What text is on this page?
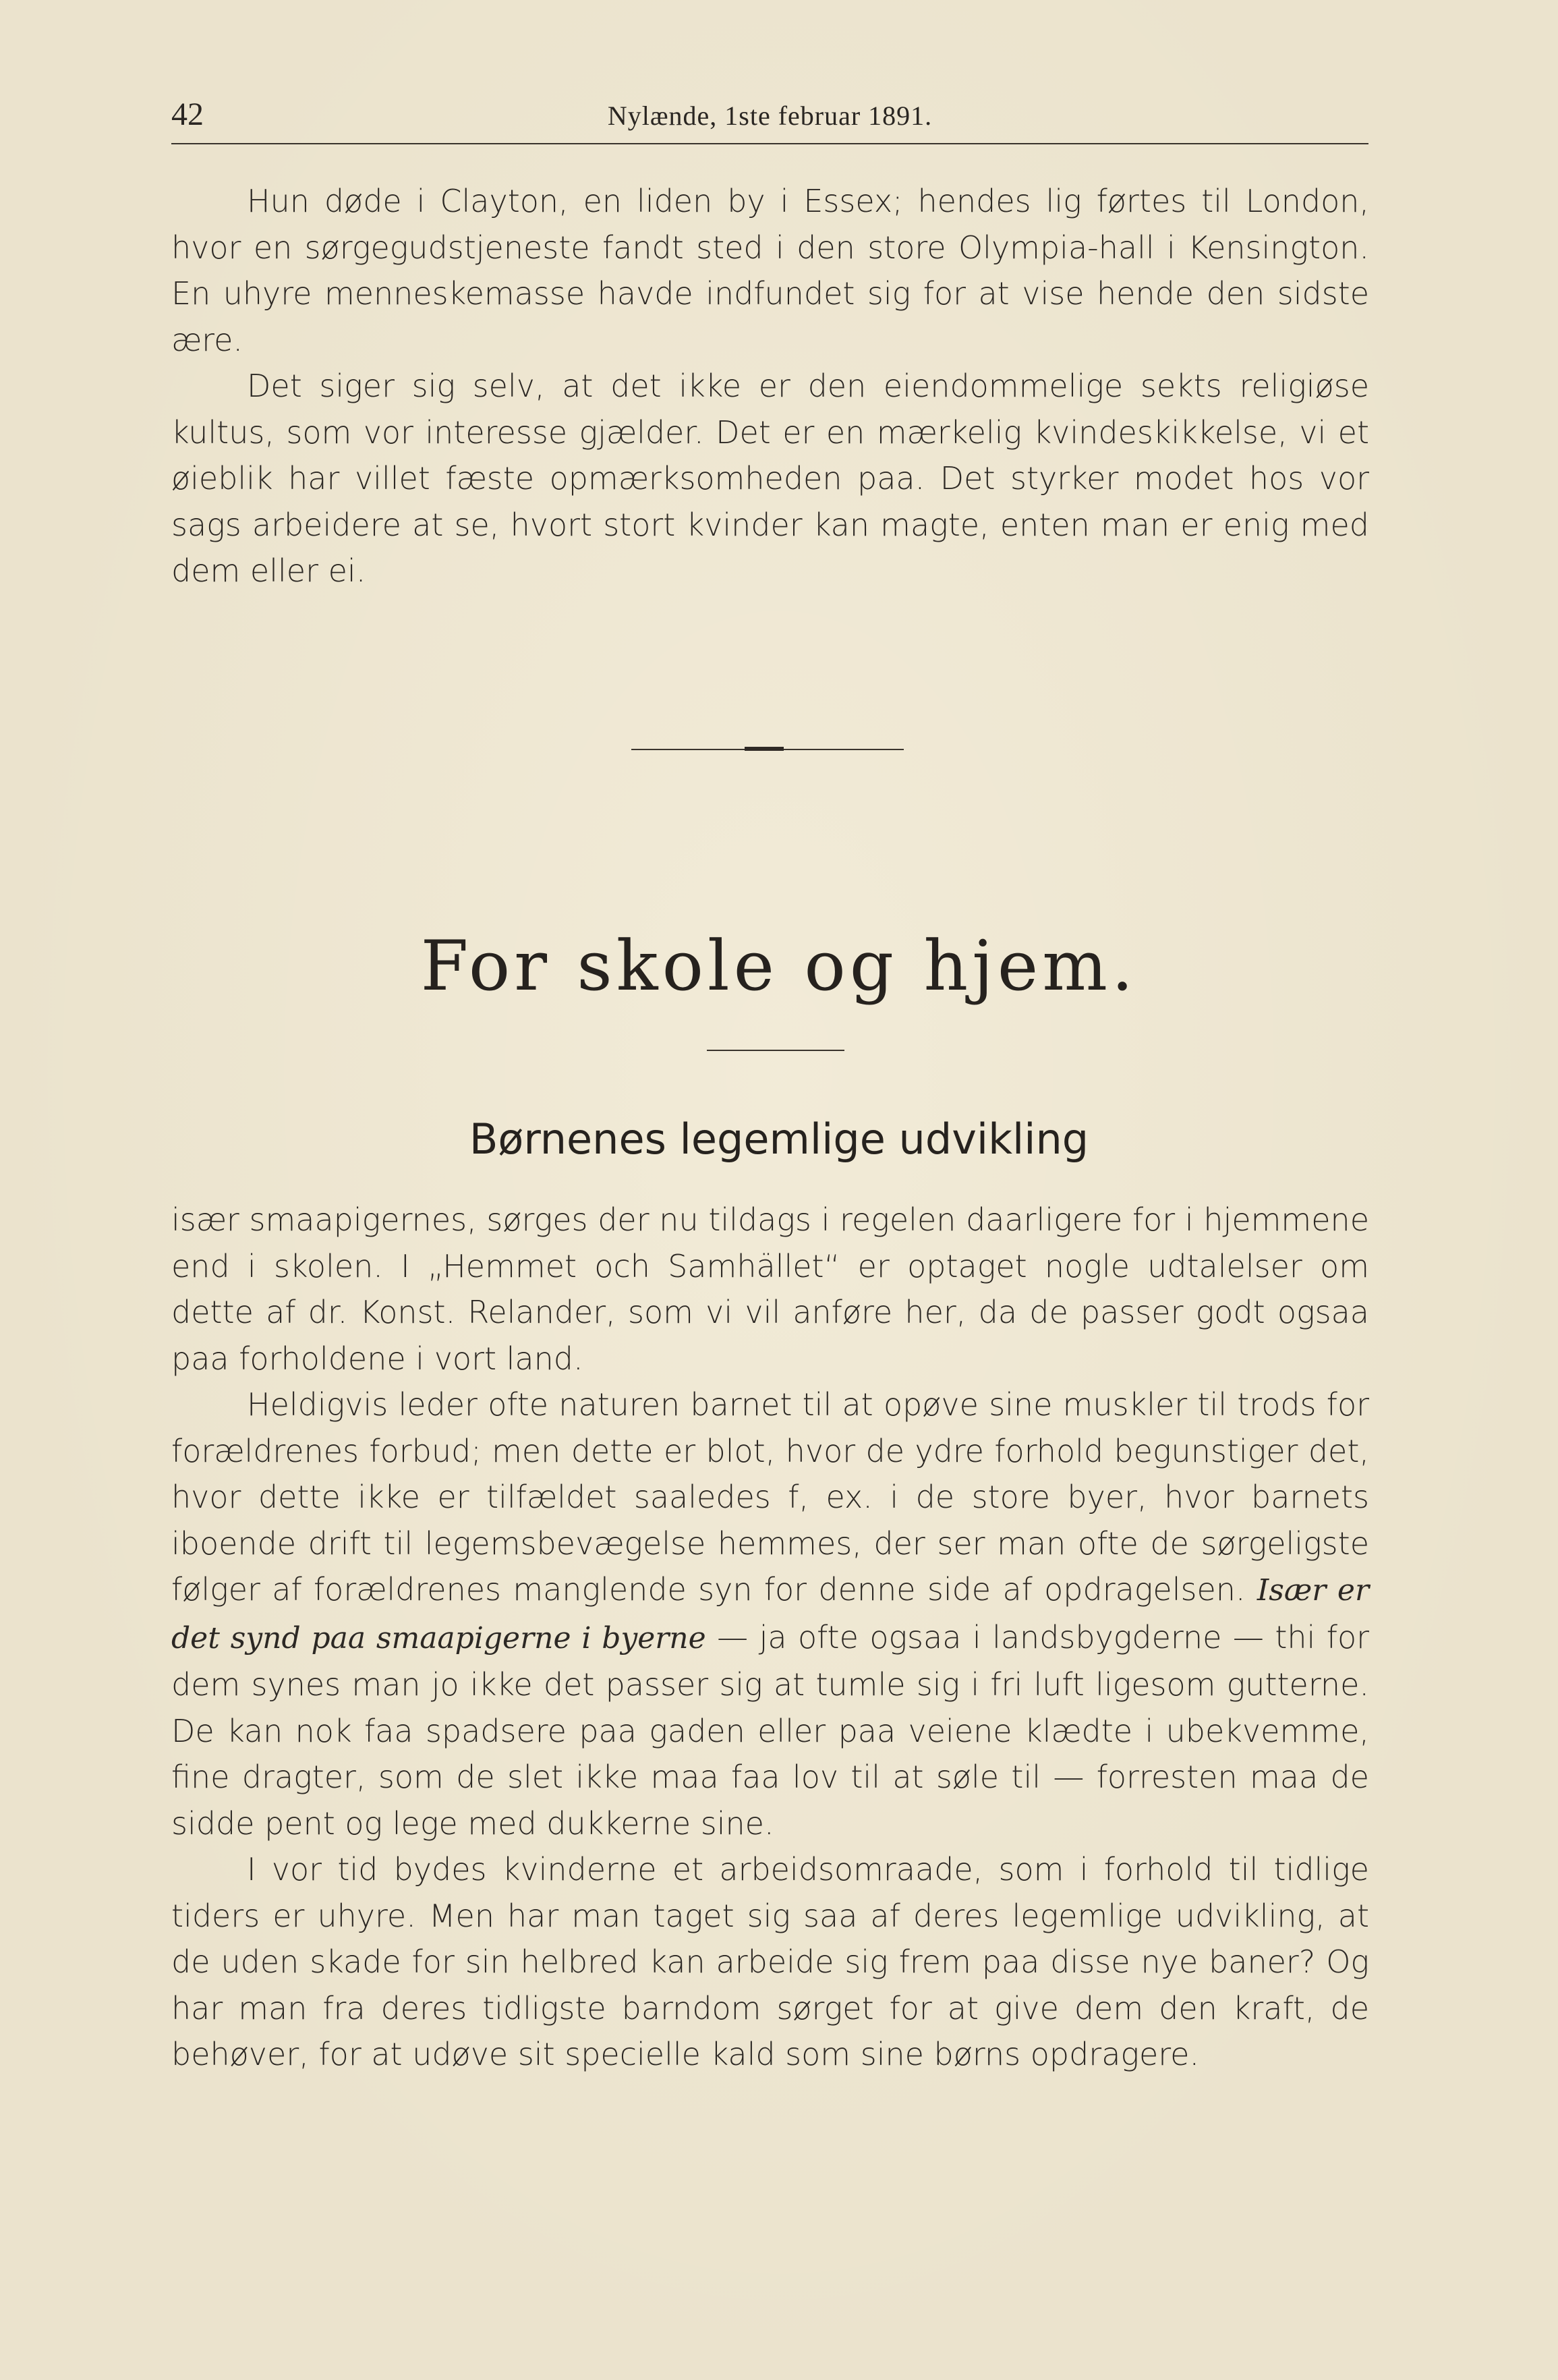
42	Nylænde, 1ste februar 1891.

Hun døde i Clayton, en liden by i Essex; hendes lig førtes til London, hvor en sørgegudstjeneste fandt sted i den store Olympia-hall i Kensington. En uhyre menneskemasse havde indfundet sig for at vise hende den sidste ære.

Det siger sig selv, at det ikke er den eiendommelige sekts religiøse kultus, som vor interesse gjælder. Det er en mærkelig kvindeskikkelse, vi et øieblik har villet fæste opmærksomheden paa. Det styrker modet hos vor sags arbeidere at se, hvort stort kvinder kan magte, enten man er enig med dem eller ei.

For skole og hjem.
Børnenes legemlige udvikling

især smaapigernes, sørges der nu tildags i regelen daarligere for i hjemmene end i skolen. I „Hemmet och Samhället“ er optaget nogle udtalelser om dette af dr. Konst. Relander, som vi vil anføre her, da de passer godt ogsaa paa forholdene i vort land.

Heldigvis leder ofte naturen barnet til at opøve sine muskler til trods for forældrenes forbud; men dette er blot, hvor de ydre forhold begunstiger det, hvor dette ikke er tilfældet saaledes f, ex. i de store byer, hvor barnets iboende drift til legemsbevægelse hemmes, der ser man ofte de sørgeligste følger af forældrenes manglende syn for denne side af opdragelsen. Især er det synd paa smaapigerne i byerne — ja ofte ogsaa i landsbygderne — thi for dem synes man jo ikke det passer sig at tumle sig i fri luft ligesom gutterne. De kan nok faa spadsere paa gaden eller paa veiene klædte i ubekvemme, fine dragter, som de slet ikke maa faa lov til at søle til — forresten maa de sidde pent og lege med dukkerne sine.

I vor tid bydes kvinderne et arbeidsomraade, som i forhold til tidlige tiders er uhyre. Men har man taget sig saa af deres legemlige udvikling, at de uden skade for sin helbred kan arbeide sig frem paa disse nye baner? Og har man fra deres tidligste barndom sørget for at give dem den kraft, de behøver, for at udøve sit specielle kald som sine børns opdragere.
